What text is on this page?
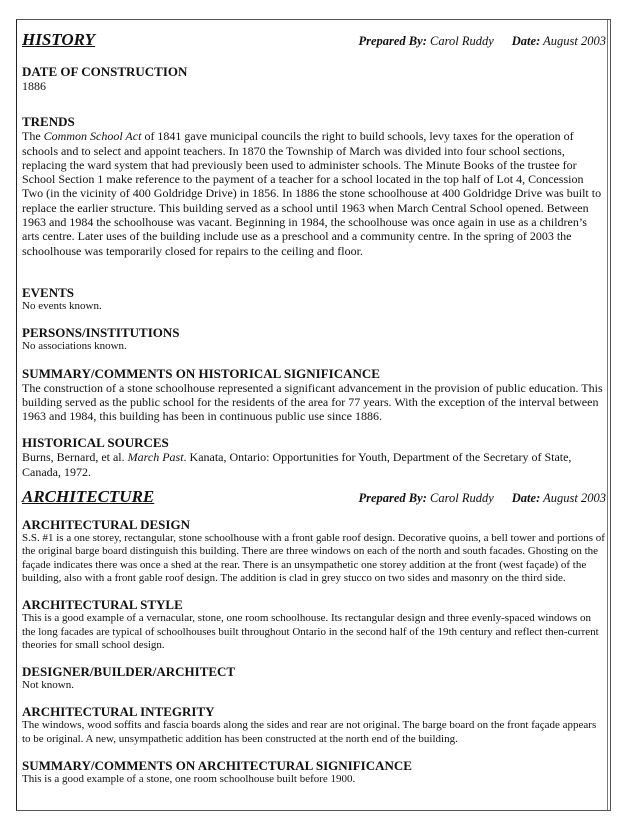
HISTORY	Prepared By: Carol Ruddy Date: August 2003
DATE OF CONSTRUCTION

1886

TRENDS

The Common School Act of 1841 gave municipal councils the right to build schools, levy taxes for the operation of schools and to select and appoint teachers. In 1870 the Township of March was divided into four school sections, replacing the ward system that had previously been used to administer schools. The Minute Books of the trustee for School Section 1 make reference to the payment of a teacher for a school located in the top half of Lot 4, Concession Two (in the vicinity of 400 Goldridge Drive) in 1856. In 1886 the stone schoolhouse at 400 Goldridge Drive was built to replace the earlier structure. This building served as a school until 1963 when March Central School opened. Between 1963 and 1984 the schoolhouse was vacant. Beginning in 1984, the schoolhouse was once again in use as a children’s arts centre. Later uses of the building include use as a preschool and a community centre. In the spring of 2003 the schoolhouse was temporarily closed for repairs to the ceiling and floor.

EVENTS

No events known.

PERSONS/INSTITUTIONS

No associations known.

SUMMARY/COMMENTS ON HISTORICAL SIGNIFICANCE

The construction of a stone schoolhouse represented a significant advancement in the provision of public education. This building served as the public school for the residents of the area for 77 years. With the exception of the interval between 1963 and 1984, this building has been in continuous public use since 1886.

HISTORICAL SOURCES

Burns, Bernard, et al. March Past. Kanata, Ontario: Opportunities for Youth, Department of the Secretary of State, Canada, 1972.

ARCHITECTURE	Prepared By: Carol Ruddy Date: August 2003
ARCHITECTURAL DESIGN

S.S. #1 is a one storey, rectangular, stone schoolhouse with a front gable roof design. Decorative quoins, a bell tower and portions of the original barge board distinguish this building. There are three windows on each of the north and south facades. Ghosting on the façade indicates there was once a shed at the rear. There is an unsympathetic one storey addition at the front (west façade) of the building, also with a front gable roof design. The addition is clad in grey stucco on two sides and masonry on the third side.

ARCHITECTURAL STYLE

This is a good example of a vernacular, stone, one room schoolhouse. Its rectangular design and three evenly-spaced windows on the long facades are typical of schoolhouses built throughout Ontario in the second half of the 19th century and reflect then-current theories for small school design.

DESIGNER/BUILDER/ARCHITECT

Not known.

ARCHITECTURAL INTEGRITY

The windows, wood soffits and fascia boards along the sides and rear are not original. The barge board on the front façade appears to be original. A new, unsympathetic addition has been constructed at the north end of the building.

SUMMARY/COMMENTS ON ARCHITECTURAL SIGNIFICANCE

This is a good example of a stone, one room schoolhouse built before 1900.
